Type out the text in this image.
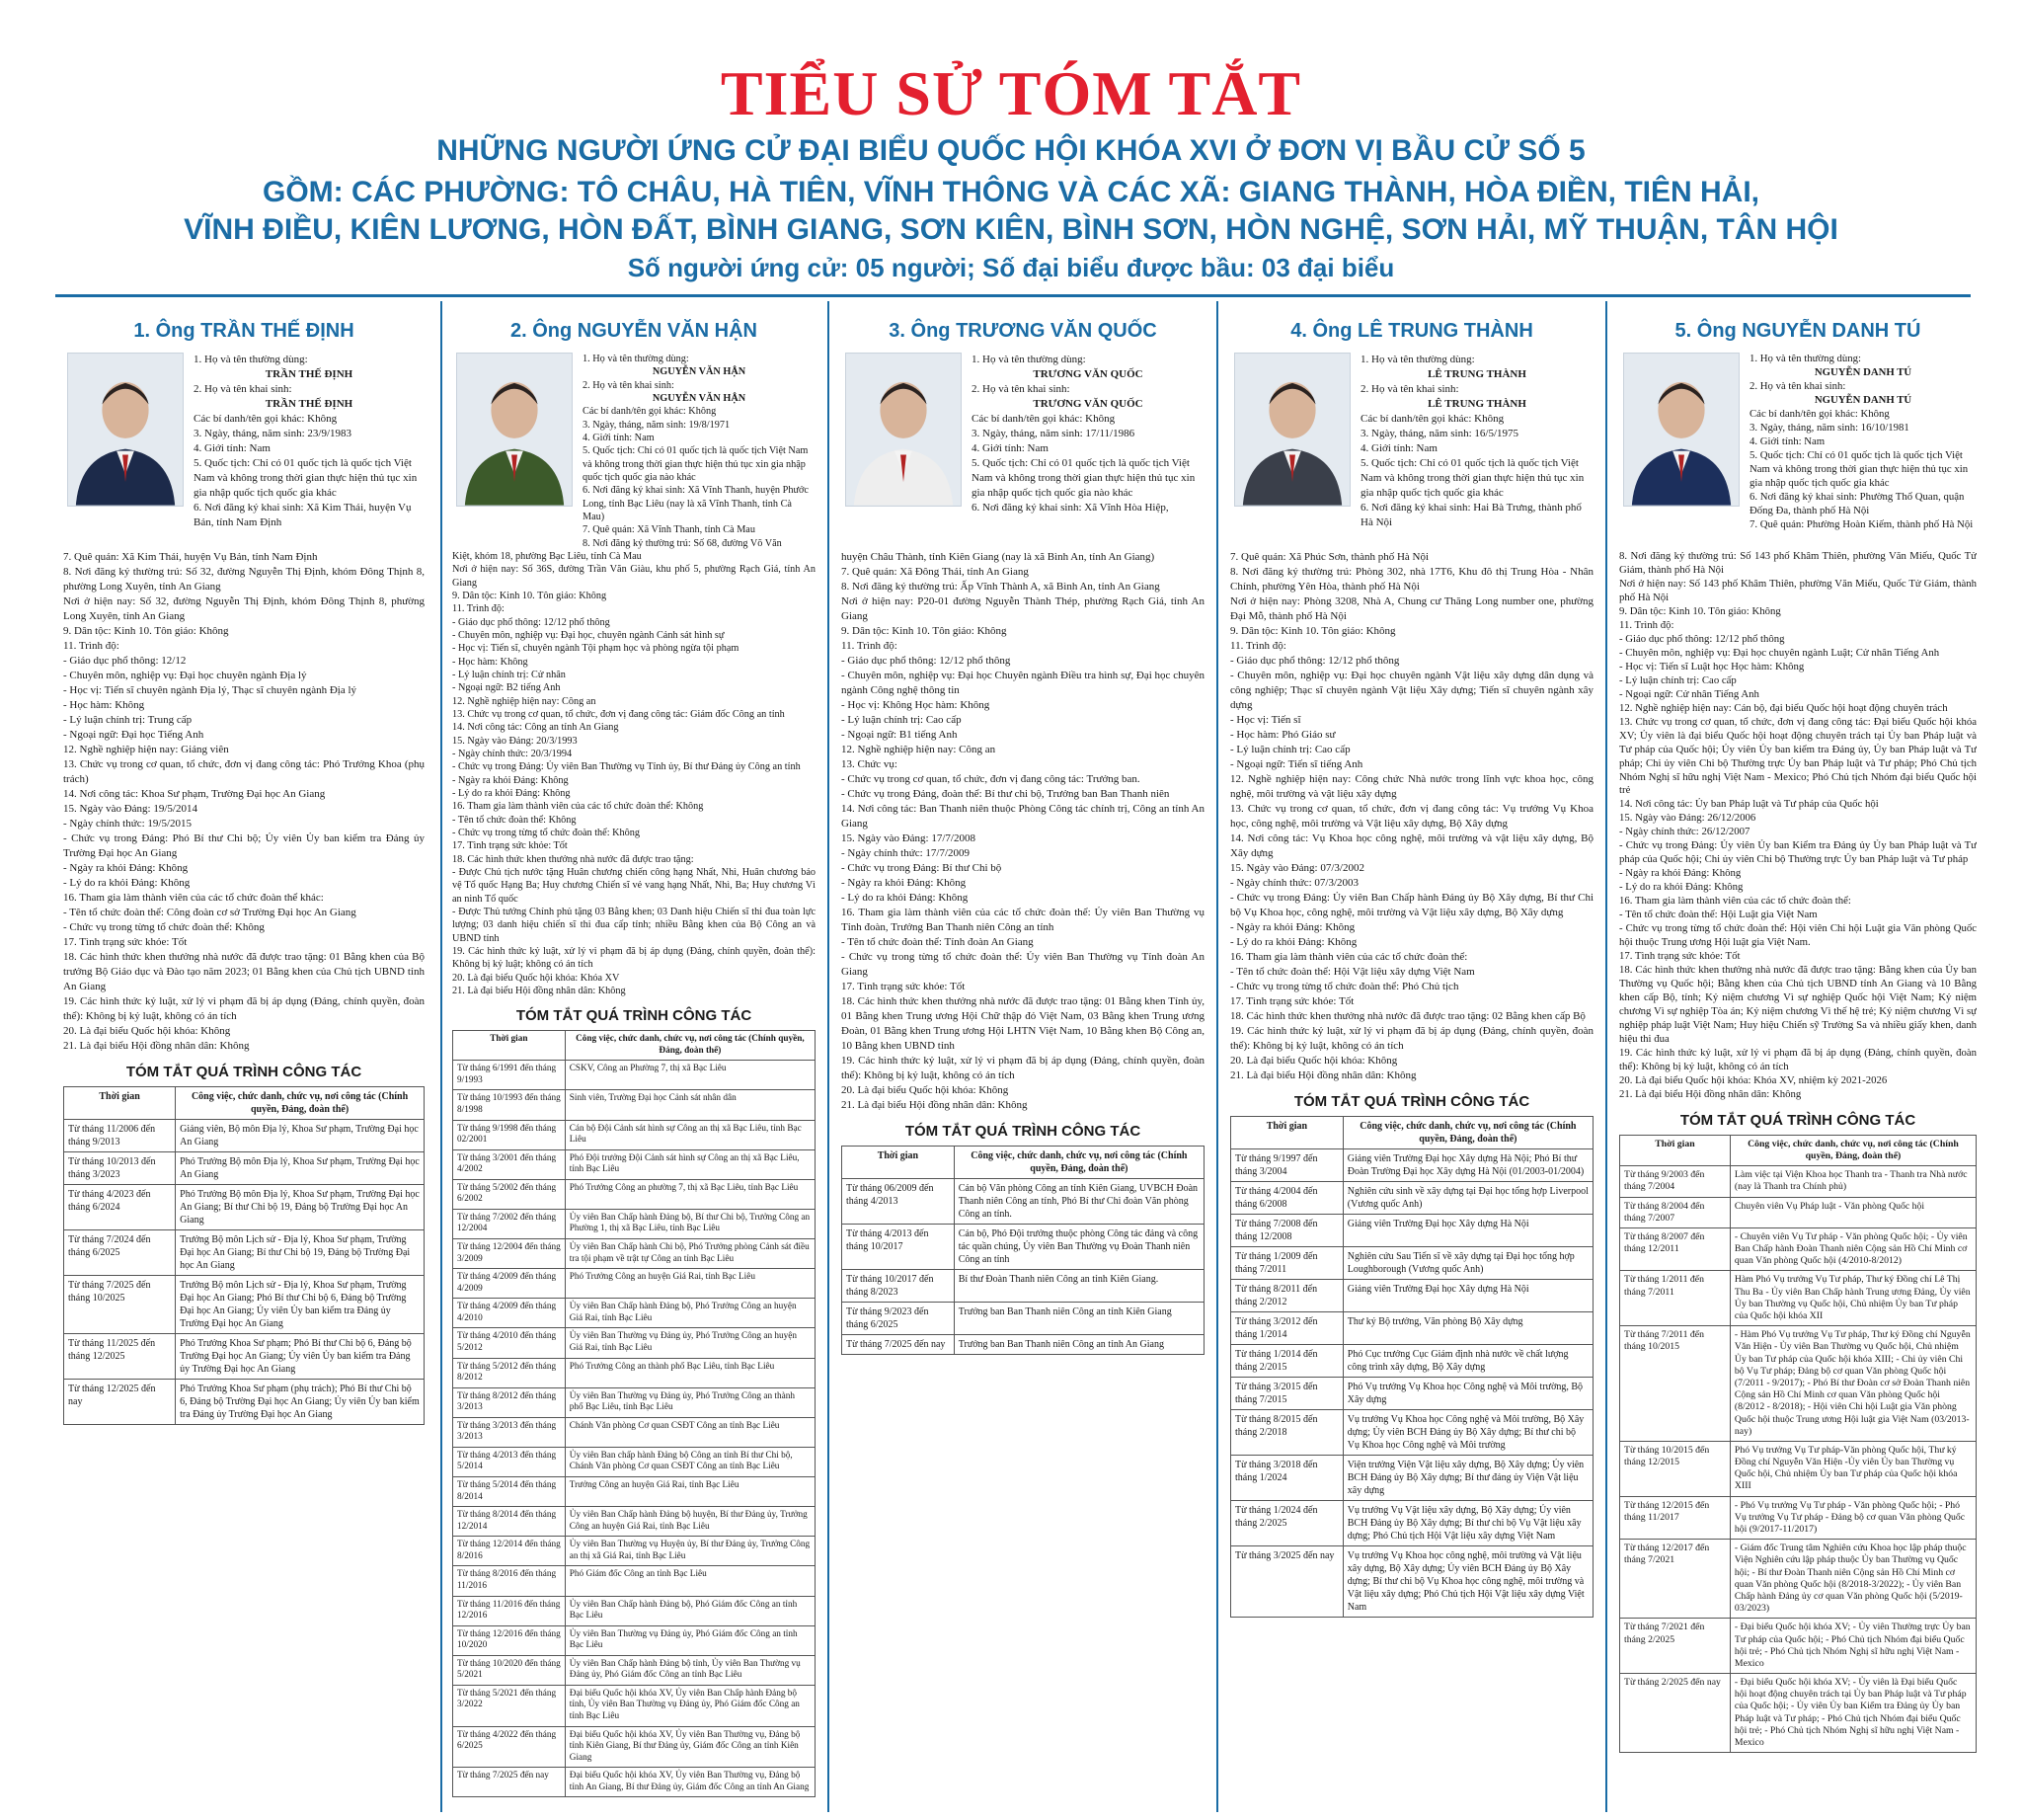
TIỂU SỬ TÓM TẮT
NHỮNG NGƯỜI ỨNG CỬ ĐẠI BIỂU QUỐC HỘI KHÓA XVI Ở ĐƠN VỊ BẦU CỬ SỐ 5
GỒM: CÁC PHƯỜNG: TÔ CHÂU, HÀ TIÊN, VĨNH THÔNG VÀ CÁC XÃ: GIANG THÀNH, HÒA ĐIỀN, TIÊN HẢI,
VĨNH ĐIỀU, KIÊN LƯƠNG, HÒN ĐẤT, BÌNH GIANG, SƠN KIÊN, BÌNH SƠN, HÒN NGHỆ, SƠN HẢI, MỸ THUẬN, TÂN HỘI
Số người ứng cử: 05 người; Số đại biểu được bầu: 03 đại biểu
1. Ông TRẦN THẾ ĐỊNH
1. Họ và tên thường dùng:
TRẦN THẾ ĐỊNH
2. Họ và tên khai sinh:
TRẦN THẾ ĐỊNH
Các bí danh/tên gọi khác: Không
3. Ngày, tháng, năm sinh: 23/9/1983
4. Giới tính: Nam
5. Quốc tịch: Chỉ có 01 quốc tịch là quốc tịch Việt Nam và không trong thời gian thực hiện thủ tục xin gia nhập quốc tịch quốc gia khác
6. Nơi đăng ký khai sinh: Xã Kim Thái, huyện Vụ Bản, tỉnh Nam Định

7. Quê quán: Xã Kim Thái, huyện Vụ Bản, tỉnh Nam Định

8. Nơi đăng ký thường trú: Số 32, đường Nguyễn Thị Định, khóm Đông Thịnh 8, phường Long Xuyên, tỉnh An Giang

Nơi ở hiện nay: Số 32, đường Nguyễn Thị Định, khóm Đông Thịnh 8, phường Long Xuyên, tỉnh An Giang

9. Dân tộc: Kinh 10. Tôn giáo: Không

11. Trình độ:

- Giáo dục phổ thông: 12/12

- Chuyên môn, nghiệp vụ: Đại học chuyên ngành Địa lý

- Học vị: Tiến sĩ chuyên ngành Địa lý, Thạc sĩ chuyên ngành Địa lý

- Học hàm: Không

- Lý luận chính trị: Trung cấp

- Ngoại ngữ: Đại học Tiếng Anh

12. Nghề nghiệp hiện nay: Giảng viên

13. Chức vụ trong cơ quan, tổ chức, đơn vị đang công tác: Phó Trưởng Khoa (phụ trách)

14. Nơi công tác: Khoa Sư phạm, Trường Đại học An Giang

15. Ngày vào Đảng: 19/5/2014

- Ngày chính thức: 19/5/2015

- Chức vụ trong Đảng: Phó Bí thư Chi bộ; Ủy viên Ủy ban kiểm tra Đảng ủy Trường Đại học An Giang

- Ngày ra khỏi Đảng: Không

- Lý do ra khỏi Đảng: Không

16. Tham gia làm thành viên của các tổ chức đoàn thể khác:

- Tên tổ chức đoàn thể: Công đoàn cơ sở Trường Đại học An Giang

- Chức vụ trong từng tổ chức đoàn thể: Không

17. Tình trạng sức khỏe: Tốt

18. Các hình thức khen thưởng nhà nước đã được trao tặng: 01 Bằng khen của Bộ trưởng Bộ Giáo dục và Đào tạo năm 2023; 01 Bằng khen của Chủ tịch UBND tỉnh An Giang

19. Các hình thức kỷ luật, xử lý vi phạm đã bị áp dụng (Đảng, chính quyền, đoàn thể): Không bị kỷ luật, không có án tích

20. Là đại biểu Quốc hội khóa: Không

21. Là đại biểu Hội đồng nhân dân: Không

TÓM TẮT QUÁ TRÌNH CÔNG TÁC
Thời gian	Công việc, chức danh, chức vụ, nơi công tác (Chính quyền, Đảng, đoàn thể)
Từ tháng 11/2006 đến tháng 9/2013	Giảng viên, Bộ môn Địa lý, Khoa Sư phạm, Trường Đại học An Giang
Từ tháng 10/2013 đến tháng 3/2023	Phó Trưởng Bộ môn Địa lý, Khoa Sư phạm, Trường Đại học An Giang
Từ tháng 4/2023 đến tháng 6/2024	Phó Trưởng Bộ môn Địa lý, Khoa Sư phạm, Trường Đại học An Giang; Bí thư Chi bộ 19, Đảng bộ Trường Đại học An Giang
Từ tháng 7/2024 đến tháng 6/2025	Trưởng Bộ môn Lịch sử - Địa lý, Khoa Sư phạm, Trường Đại học An Giang; Bí thư Chi bộ 19, Đảng bộ Trường Đại học An Giang
Từ tháng 7/2025 đến tháng 10/2025	Trưởng Bộ môn Lịch sử - Địa lý, Khoa Sư phạm, Trường Đại học An Giang; Phó Bí thư Chi bộ 6, Đảng bộ Trường Đại học An Giang; Ủy viên Ủy ban kiểm tra Đảng ủy Trường Đại học An Giang
Từ tháng 11/2025 đến tháng 12/2025	Phó Trưởng Khoa Sư phạm; Phó Bí thư Chi bộ 6, Đảng bộ Trường Đại học An Giang; Ủy viên Ủy ban kiểm tra Đảng ủy Trường Đại học An Giang
Từ tháng 12/2025 đến nay	Phó Trưởng Khoa Sư phạm (phụ trách); Phó Bí thư Chi bộ 6, Đảng bộ Trường Đại học An Giang; Ủy viên Ủy ban kiểm tra Đảng ủy Trường Đại học An Giang
2. Ông NGUYỄN VĂN HẬN
1. Họ và tên thường dùng:
NGUYỄN VĂN HẬN
2. Họ và tên khai sinh:
NGUYỄN VĂN HẬN
Các bí danh/tên gọi khác: Không
3. Ngày, tháng, năm sinh: 19/8/1971
4. Giới tính: Nam
5. Quốc tịch: Chỉ có 01 quốc tịch là quốc tịch Việt Nam và không trong thời gian thực hiện thủ tục xin gia nhập quốc tịch quốc gia nào khác
6. Nơi đăng ký khai sinh: Xã Vĩnh Thanh, huyện Phước Long, tỉnh Bạc Liêu (nay là xã Vĩnh Thanh, tỉnh Cà Mau)
7. Quê quán: Xã Vĩnh Thanh, tỉnh Cà Mau
8. Nơi đăng ký thường trú: Số 68, đường Võ Văn

Kiệt, khóm 18, phường Bạc Liêu, tỉnh Cà Mau

Nơi ở hiện nay: Số 36S, đường Trần Văn Giàu, khu phố 5, phường Rạch Giá, tỉnh An Giang

9. Dân tộc: Kinh 10. Tôn giáo: Không

11. Trình độ:

- Giáo dục phổ thông: 12/12 phổ thông

- Chuyên môn, nghiệp vụ: Đại học, chuyên ngành Cảnh sát hình sự

- Học vị: Tiến sĩ, chuyên ngành Tội phạm học và phòng ngừa tội phạm

- Học hàm: Không

- Lý luận chính trị: Cử nhân

- Ngoại ngữ: B2 tiếng Anh

12. Nghề nghiệp hiện nay: Công an

13. Chức vụ trong cơ quan, tổ chức, đơn vị đang công tác: Giám đốc Công an tỉnh

14. Nơi công tác: Công an tỉnh An Giang

15. Ngày vào Đảng: 20/3/1993

- Ngày chính thức: 20/3/1994

- Chức vụ trong Đảng: Ủy viên Ban Thường vụ Tỉnh ủy, Bí thư Đảng ủy Công an tỉnh

- Ngày ra khỏi Đảng: Không

- Lý do ra khỏi Đảng: Không

16. Tham gia làm thành viên của các tổ chức đoàn thể: Không

- Tên tổ chức đoàn thể: Không

- Chức vụ trong từng tổ chức đoàn thể: Không

17. Tình trạng sức khỏe: Tốt

18. Các hình thức khen thưởng nhà nước đã được trao tặng:

- Được Chủ tịch nước tặng Huân chương chiến công hạng Nhất, Nhì, Huân chương bảo vệ Tổ quốc Hạng Ba; Huy chương Chiến sĩ vẻ vang hạng Nhất, Nhì, Ba; Huy chương Vì an ninh Tổ quốc

- Được Thủ tướng Chính phủ tặng 03 Bằng khen; 03 Danh hiệu Chiến sĩ thi đua toàn lực lượng; 03 danh hiệu chiến sĩ thi đua cấp tỉnh; nhiều Bằng khen của Bộ Công an và UBND tỉnh

19. Các hình thức kỷ luật, xử lý vi phạm đã bị áp dụng (Đảng, chính quyền, đoàn thể): Không bị kỷ luật; không có án tích

20. Là đại biểu Quốc hội khóa: Khóa XV

21. Là đại biểu Hội đồng nhân dân: Không

TÓM TẮT QUÁ TRÌNH CÔNG TÁC
Thời gian	Công việc, chức danh, chức vụ, nơi công tác (Chính quyền, Đảng, đoàn thể)
Từ tháng 6/1991 đến tháng 9/1993	CSKV, Công an Phường 7, thị xã Bạc Liêu
Từ tháng 10/1993 đến tháng 8/1998	Sinh viên, Trường Đại học Cảnh sát nhân dân
Từ tháng 9/1998 đến tháng 02/2001	Cán bộ Đội Cảnh sát hình sự Công an thị xã Bạc Liêu, tỉnh Bạc Liêu
Từ tháng 3/2001 đến tháng 4/2002	Phó Đội trưởng Đội Cảnh sát hình sự Công an thị xã Bạc Liêu, tỉnh Bạc Liêu
Từ tháng 5/2002 đến tháng 6/2002	Phó Trưởng Công an phường 7, thị xã Bạc Liêu, tỉnh Bạc Liêu
Từ tháng 7/2002 đến tháng 12/2004	Ủy viên Ban Chấp hành Đảng bộ, Bí thư Chi bộ, Trưởng Công an Phường 1, thị xã Bạc Liêu, tỉnh Bạc Liêu
Từ tháng 12/2004 đến tháng 3/2009	Ủy viên Ban Chấp hành Chi bộ, Phó Trưởng phòng Cảnh sát điều tra tội phạm về trật tự Công an tỉnh Bạc Liêu
Từ tháng 4/2009 đến tháng 4/2009	Phó Trưởng Công an huyện Giá Rai, tỉnh Bạc Liêu
Từ tháng 4/2009 đến tháng 4/2010	Ủy viên Ban Chấp hành Đảng bộ, Phó Trưởng Công an huyện Giá Rai, tỉnh Bạc Liêu
Từ tháng 4/2010 đến tháng 5/2012	Ủy viên Ban Thường vụ Đảng ủy, Phó Trưởng Công an huyện Giá Rai, tỉnh Bạc Liêu
Từ tháng 5/2012 đến tháng 8/2012	Phó Trưởng Công an thành phố Bạc Liêu, tỉnh Bạc Liêu
Từ tháng 8/2012 đến tháng 3/2013	Ủy viên Ban Thường vụ Đảng ủy, Phó Trưởng Công an thành phố Bạc Liêu, tỉnh Bạc Liêu
Từ tháng 3/2013 đến tháng 3/2013	Chánh Văn phòng Cơ quan CSĐT Công an tỉnh Bạc Liêu
Từ tháng 4/2013 đến tháng 5/2014	Ủy viên Ban chấp hành Đảng bộ Công an tỉnh Bí thư Chi bộ, Chánh Văn phòng Cơ quan CSĐT Công an tỉnh Bạc Liêu
Từ tháng 5/2014 đến tháng 8/2014	Trưởng Công an huyện Giá Rai, tỉnh Bạc Liêu
Từ tháng 8/2014 đến tháng 12/2014	Ủy viên Ban Chấp hành Đảng bộ huyện, Bí thư Đảng ủy, Trưởng Công an huyện Giá Rai, tỉnh Bạc Liêu
Từ tháng 12/2014 đến tháng 8/2016	Ủy viên Ban Thường vụ Huyện ủy, Bí thư Đảng ủy, Trưởng Công an thị xã Giá Rai, tỉnh Bạc Liêu
Từ tháng 8/2016 đến tháng 11/2016	Phó Giám đốc Công an tỉnh Bạc Liêu
Từ tháng 11/2016 đến tháng 12/2016	Ủy viên Ban Chấp hành Đảng bộ, Phó Giám đốc Công an tỉnh Bạc Liêu
Từ tháng 12/2016 đến tháng 10/2020	Ủy viên Ban Thường vụ Đảng ủy, Phó Giám đốc Công an tỉnh Bạc Liêu
Từ tháng 10/2020 đến tháng 5/2021	Ủy viên Ban Chấp hành Đảng bộ tỉnh, Ủy viên Ban Thường vụ Đảng ủy, Phó Giám đốc Công an tỉnh Bạc Liêu
Từ tháng 5/2021 đến tháng 3/2022	Đại biểu Quốc hội khóa XV, Ủy viên Ban Chấp hành Đảng bộ tỉnh, Ủy viên Ban Thường vụ Đảng ủy, Phó Giám đốc Công an tỉnh Bạc Liêu
Từ tháng 4/2022 đến tháng 6/2025	Đại biểu Quốc hội khóa XV, Ủy viên Ban Thường vụ, Đảng bộ tỉnh Kiên Giang, Bí thư Đảng ủy, Giám đốc Công an tỉnh Kiên Giang
Từ tháng 7/2025 đến nay	Đại biểu Quốc hội khóa XV, Ủy viên Ban Thường vụ, Đảng bộ tỉnh An Giang, Bí thư Đảng ủy, Giám đốc Công an tỉnh An Giang
3. Ông TRƯƠNG VĂN QUỐC
1. Họ và tên thường dùng:
TRƯƠNG VĂN QUỐC
2. Họ và tên khai sinh:
TRƯƠNG VĂN QUỐC
Các bí danh/tên gọi khác: Không
3. Ngày, tháng, năm sinh: 17/11/1986
4. Giới tính: Nam
5. Quốc tịch: Chỉ có 01 quốc tịch là quốc tịch Việt Nam và không trong thời gian thực hiện thủ tục xin gia nhập quốc tịch quốc gia nào khác
6. Nơi đăng ký khai sinh: Xã Vĩnh Hòa Hiệp,

huyện Châu Thành, tỉnh Kiên Giang (nay là xã Bình An, tỉnh An Giang)

7. Quê quán: Xã Đông Thái, tỉnh An Giang

8. Nơi đăng ký thường trú: Ấp Vĩnh Thành A, xã Bình An, tỉnh An Giang

Nơi ở hiện nay: P20-01 đường Nguyễn Thành Thép, phường Rạch Giá, tỉnh An Giang

9. Dân tộc: Kinh 10. Tôn giáo: Không

11. Trình độ:

- Giáo dục phổ thông: 12/12 phổ thông

- Chuyên môn, nghiệp vụ: Đại học Chuyên ngành Điều tra hình sự, Đại học chuyên ngành Công nghệ thông tin

- Học vị: Không Học hàm: Không

- Lý luận chính trị: Cao cấp

- Ngoại ngữ: B1 tiếng Anh

12. Nghề nghiệp hiện nay: Công an

13. Chức vụ:

- Chức vụ trong cơ quan, tổ chức, đơn vị đang công tác: Trưởng ban.

- Chức vụ trong Đảng, đoàn thể: Bí thư chi bộ, Trưởng ban Ban Thanh niên

14. Nơi công tác: Ban Thanh niên thuộc Phòng Công tác chính trị, Công an tỉnh An Giang

15. Ngày vào Đảng: 17/7/2008

- Ngày chính thức: 17/7/2009

- Chức vụ trong Đảng: Bí thư Chi bộ

- Ngày ra khỏi Đảng: Không

- Lý do ra khỏi Đảng: Không

16. Tham gia làm thành viên của các tổ chức đoàn thể: Ủy viên Ban Thường vụ Tỉnh đoàn, Trưởng Ban Thanh niên Công an tỉnh

- Tên tổ chức đoàn thể: Tỉnh đoàn An Giang

- Chức vụ trong từng tổ chức đoàn thể: Ủy viên Ban Thường vụ Tỉnh đoàn An Giang

17. Tình trạng sức khỏe: Tốt

18. Các hình thức khen thưởng nhà nước đã được trao tặng: 01 Bằng khen Tỉnh ủy, 01 Bằng khen Trung ương Hội Chữ thập đỏ Việt Nam, 03 Bằng khen Trung ương Đoàn, 01 Bằng khen Trung ương Hội LHTN Việt Nam, 10 Bằng khen Bộ Công an, 10 Bằng khen UBND tỉnh

19. Các hình thức kỷ luật, xử lý vi phạm đã bị áp dụng (Đảng, chính quyền, đoàn thể): Không bị kỷ luật, không có án tích

20. Là đại biểu Quốc hội khóa: Không

21. Là đại biểu Hội đồng nhân dân: Không

TÓM TẮT QUÁ TRÌNH CÔNG TÁC
Thời gian	Công việc, chức danh, chức vụ, nơi công tác (Chính quyền, Đảng, đoàn thể)
Từ tháng 06/2009 đến tháng 4/2013	Cán bộ Văn phòng Công an tỉnh Kiên Giang, UVBCH Đoàn Thanh niên Công an tỉnh, Phó Bí thư Chi đoàn Văn phòng Công an tỉnh.
Từ tháng 4/2013 đến tháng 10/2017	Cán bộ, Phó Đội trưởng thuộc phòng Công tác đảng và công tác quần chúng, Ủy viên Ban Thường vụ Đoàn Thanh niên Công an tỉnh
Từ tháng 10/2017 đến tháng 8/2023	Bí thư Đoàn Thanh niên Công an tỉnh Kiên Giang.
Từ tháng 9/2023 đến tháng 6/2025	Trưởng ban Ban Thanh niên Công an tỉnh Kiên Giang
Từ tháng 7/2025 đến nay	Trưởng ban Ban Thanh niên Công an tỉnh An Giang
4. Ông LÊ TRUNG THÀNH
1. Họ và tên thường dùng:
LÊ TRUNG THÀNH
2. Họ và tên khai sinh:
LÊ TRUNG THÀNH
Các bí danh/tên gọi khác: Không
3. Ngày, tháng, năm sinh: 16/5/1975
4. Giới tính: Nam
5. Quốc tịch: Chỉ có 01 quốc tịch là quốc tịch Việt Nam và không trong thời gian thực hiện thủ tục xin gia nhập quốc tịch quốc gia khác
6. Nơi đăng ký khai sinh: Hai Bà Trưng, thành phố Hà Nội

7. Quê quán: Xã Phúc Sơn, thành phố Hà Nội

8. Nơi đăng ký thường trú: Phòng 302, nhà 17T6, Khu đô thị Trung Hòa - Nhân Chính, phường Yên Hòa, thành phố Hà Nội

Nơi ở hiện nay: Phòng 3208, Nhà A, Chung cư Thăng Long number one, phường Đại Mỗ, thành phố Hà Nội

9. Dân tộc: Kinh 10. Tôn giáo: Không

11. Trình độ:

- Giáo dục phổ thông: 12/12 phổ thông

- Chuyên môn, nghiệp vụ: Đại học chuyên ngành Vật liệu xây dựng dân dụng và công nghiệp; Thạc sĩ chuyên ngành Vật liệu Xây dựng; Tiến sĩ chuyên ngành xây dựng

- Học vị: Tiến sĩ

- Học hàm: Phó Giáo sư

- Lý luận chính trị: Cao cấp

- Ngoại ngữ: Tiến sĩ tiếng Anh

12. Nghề nghiệp hiện nay: Công chức Nhà nước trong lĩnh vực khoa học, công nghệ, môi trường và vật liệu xây dựng

13. Chức vụ trong cơ quan, tổ chức, đơn vị đang công tác: Vụ trưởng Vụ Khoa học, công nghệ, môi trường và Vật liệu xây dựng, Bộ Xây dựng

14. Nơi công tác: Vụ Khoa học công nghệ, môi trường và vật liệu xây dựng, Bộ Xây dựng

15. Ngày vào Đảng: 07/3/2002

- Ngày chính thức: 07/3/2003

- Chức vụ trong Đảng: Ủy viên Ban Chấp hành Đảng ủy Bộ Xây dựng, Bí thư Chi bộ Vụ Khoa học, công nghệ, môi trường và Vật liệu xây dựng, Bộ Xây dựng

- Ngày ra khỏi Đảng: Không

- Lý do ra khỏi Đảng: Không

16. Tham gia làm thành viên của các tổ chức đoàn thể:

- Tên tổ chức đoàn thể: Hội Vật liệu xây dựng Việt Nam

- Chức vụ trong từng tổ chức đoàn thể: Phó Chủ tịch

17. Tình trạng sức khỏe: Tốt

18. Các hình thức khen thưởng nhà nước đã được trao tặng: 02 Bằng khen cấp Bộ

19. Các hình thức kỷ luật, xử lý vi phạm đã bị áp dụng (Đảng, chính quyền, đoàn thể): Không bị kỷ luật, không có án tích

20. Là đại biểu Quốc hội khóa: Không

21. Là đại biểu Hội đồng nhân dân: Không

TÓM TẮT QUÁ TRÌNH CÔNG TÁC
Thời gian	Công việc, chức danh, chức vụ, nơi công tác (Chính quyền, Đảng, đoàn thể)
Từ tháng 9/1997 đến tháng 3/2004	Giảng viên Trường Đại học Xây dựng Hà Nội; Phó Bí thư Đoàn Trường Đại học Xây dựng Hà Nội (01/2003-01/2004)
Từ tháng 4/2004 đến tháng 6/2008	Nghiên cứu sinh về xây dựng tại Đại học tổng hợp Liverpool (Vương quốc Anh)
Từ tháng 7/2008 đến tháng 12/2008	Giảng viên Trường Đại học Xây dựng Hà Nội
Từ tháng 1/2009 đến tháng 7/2011	Nghiên cứu Sau Tiến sĩ về xây dựng tại Đại học tổng hợp Loughborough (Vương quốc Anh)
Từ tháng 8/2011 đến tháng 2/2012	Giảng viên Trường Đại học Xây dựng Hà Nội
Từ tháng 3/2012 đến tháng 1/2014	Thư ký Bộ trưởng, Văn phòng Bộ Xây dựng
Từ tháng 1/2014 đến tháng 2/2015	Phó Cục trưởng Cục Giám định nhà nước về chất lượng công trình xây dựng, Bộ Xây dựng
Từ tháng 3/2015 đến tháng 7/2015	Phó Vụ trưởng Vụ Khoa học Công nghệ và Môi trường, Bộ Xây dựng
Từ tháng 8/2015 đến tháng 2/2018	Vụ trưởng Vụ Khoa học Công nghệ và Môi trường, Bộ Xây dựng; Ủy viên BCH Đảng ủy Bộ Xây dựng; Bí thư chi bộ Vụ Khoa học Công nghệ và Môi trường
Từ tháng 3/2018 đến tháng 1/2024	Viện trưởng Viện Vật liệu xây dựng, Bộ Xây dựng; Ủy viên BCH Đảng ủy Bộ Xây dựng; Bí thư đảng ủy Viện Vật liệu xây dựng
Từ tháng 1/2024 đến tháng 2/2025	Vụ trưởng Vụ Vật liệu xây dựng, Bộ Xây dựng; Ủy viên BCH Đảng ủy Bộ Xây dựng; Bí thư chi bộ Vụ Vật liệu xây dựng; Phó Chủ tịch Hội Vật liệu xây dựng Việt Nam
Từ tháng 3/2025 đến nay	Vụ trưởng Vụ Khoa học công nghệ, môi trường và Vật liệu xây dựng, Bộ Xây dựng; Ủy viên BCH Đảng ủy Bộ Xây dựng; Bí thư chi bộ Vụ Khoa học công nghệ, môi trường và Vật liệu xây dựng; Phó Chủ tịch Hội Vật liệu xây dựng Việt Nam
5. Ông NGUYỄN DANH TÚ
1. Họ và tên thường dùng:
NGUYỄN DANH TÚ
2. Họ và tên khai sinh:
NGUYỄN DANH TÚ
Các bí danh/tên gọi khác: Không
3. Ngày, tháng, năm sinh: 16/10/1981
4. Giới tính: Nam
5. Quốc tịch: Chỉ có 01 quốc tịch là quốc tịch Việt Nam và không trong thời gian thực hiện thủ tục xin gia nhập quốc tịch quốc gia khác
6. Nơi đăng ký khai sinh: Phường Thổ Quan, quận Đống Đa, thành phố Hà Nội
7. Quê quán: Phường Hoàn Kiếm, thành phố Hà Nội

8. Nơi đăng ký thường trú: Số 143 phố Khâm Thiên, phường Văn Miếu, Quốc Tử Giám, thành phố Hà Nội

Nơi ở hiện nay: Số 143 phố Khâm Thiên, phường Văn Miếu, Quốc Tử Giám, thành phố Hà Nội

9. Dân tộc: Kinh 10. Tôn giáo: Không

11. Trình độ:

- Giáo dục phổ thông: 12/12 phổ thông

- Chuyên môn, nghiệp vụ: Đại học chuyên ngành Luật; Cử nhân Tiếng Anh

- Học vị: Tiến sĩ Luật học Học hàm: Không

- Lý luận chính trị: Cao cấp

- Ngoại ngữ: Cử nhân Tiếng Anh

12. Nghề nghiệp hiện nay: Cán bộ, đại biểu Quốc hội hoạt động chuyên trách

13. Chức vụ trong cơ quan, tổ chức, đơn vị đang công tác: Đại biểu Quốc hội khóa XV; Ủy viên là đại biểu Quốc hội hoạt động chuyên trách tại Ủy ban Pháp luật và Tư pháp của Quốc hội; Ủy viên Ủy ban kiểm tra Đảng ủy, Ủy ban Pháp luật và Tư pháp; Chi ủy viên Chi bộ Thường trực Ủy ban Pháp luật và Tư pháp; Phó Chủ tịch Nhóm Nghị sĩ hữu nghị Việt Nam - Mexico; Phó Chủ tịch Nhóm đại biểu Quốc hội trẻ

14. Nơi công tác: Ủy ban Pháp luật và Tư pháp của Quốc hội

15. Ngày vào Đảng: 26/12/2006

- Ngày chính thức: 26/12/2007

- Chức vụ trong Đảng: Ủy viên Ủy ban Kiểm tra Đảng ủy Ủy ban Pháp luật và Tư pháp của Quốc hội; Chi ủy viên Chi bộ Thường trực Ủy ban Pháp luật và Tư pháp

- Ngày ra khỏi Đảng: Không

- Lý do ra khỏi Đảng: Không

16. Tham gia làm thành viên của các tổ chức đoàn thể:

- Tên tổ chức đoàn thể: Hội Luật gia Việt Nam

- Chức vụ trong từng tổ chức đoàn thể: Hội viên Chi hội Luật gia Văn phòng Quốc hội thuộc Trung ương Hội luật gia Việt Nam.

17. Tình trạng sức khỏe: Tốt

18. Các hình thức khen thưởng nhà nước đã được trao tặng: Bằng khen của Ủy ban Thường vụ Quốc hội; Bằng khen của Chủ tịch UBND tỉnh An Giang và 10 Bằng khen cấp Bộ, tỉnh; Kỷ niệm chương Vì sự nghiệp Quốc hội Việt Nam; Kỷ niệm chương Vì sự nghiệp Tòa án; Kỷ niệm chương Vì thế hệ trẻ; Kỷ niệm chương Vì sự nghiệp pháp luật Việt Nam; Huy hiệu Chiến sỹ Trường Sa và nhiều giấy khen, danh hiệu thi đua

19. Các hình thức kỷ luật, xử lý vi phạm đã bị áp dụng (Đảng, chính quyền, đoàn thể): Không bị kỷ luật, không có án tích

20. Là đại biểu Quốc hội khóa: Khóa XV, nhiệm kỳ 2021-2026

21. Là đại biểu Hội đồng nhân dân: Không

TÓM TẮT QUÁ TRÌNH CÔNG TÁC
Thời gian	Công việc, chức danh, chức vụ, nơi công tác (Chính quyền, Đảng, đoàn thể)
Từ tháng 9/2003 đến tháng 7/2004	Làm việc tại Viện Khoa học Thanh tra - Thanh tra Nhà nước (nay là Thanh tra Chính phủ)
Từ tháng 8/2004 đến tháng 7/2007	Chuyên viên Vụ Pháp luật - Văn phòng Quốc hội
Từ tháng 8/2007 đến tháng 12/2011	- Chuyên viên Vụ Tư pháp - Văn phòng Quốc hội; - Ủy viên Ban Chấp hành Đoàn Thanh niên Cộng sản Hồ Chí Minh cơ quan Văn phòng Quốc hội (4/2010-8/2012)
Từ tháng 1/2011 đến tháng 7/2011	Hàm Phó Vụ trưởng Vụ Tư pháp, Thư ký Đồng chí Lê Thị Thu Ba - Ủy viên Ban Chấp hành Trung ương Đảng, Ủy viên Ủy ban Thường vụ Quốc hội, Chủ nhiệm Ủy ban Tư pháp của Quốc hội khóa XII
Từ tháng 7/2011 đến tháng 10/2015	- Hàm Phó Vụ trưởng Vụ Tư pháp, Thư ký Đồng chí Nguyễn Văn Hiện - Ủy viên Ban Thường vụ Quốc hội, Chủ nhiệm Ủy ban Tư pháp của Quốc hội khóa XIII; - Chi ủy viên Chi bộ Vụ Tư pháp; Đảng bộ cơ quan Văn phòng Quốc hội (7/2011 - 9/2017); - Phó Bí thư Đoàn cơ sở Đoàn Thanh niên Cộng sản Hồ Chí Minh cơ quan Văn phòng Quốc hội (8/2012 - 8/2018); - Hội viên Chi hội Luật gia Văn phòng Quốc hội thuộc Trung ương Hội luật gia Việt Nam (03/2013-nay)
Từ tháng 10/2015 đến tháng 12/2015	Phó Vụ trưởng Vụ Tư pháp-Văn phòng Quốc hội, Thư ký Đồng chí Nguyễn Văn Hiện -Ủy viên Ủy ban Thường vụ Quốc hội, Chủ nhiệm Ủy ban Tư pháp của Quốc hội khóa XIII
Từ tháng 12/2015 đến tháng 11/2017	- Phó Vụ trưởng Vụ Tư pháp - Văn phòng Quốc hội; - Phó Vụ trưởng Vụ Tư pháp - Đảng bộ cơ quan Văn phòng Quốc hội (9/2017-11/2017)
Từ tháng 12/2017 đến tháng 7/2021	- Giám đốc Trung tâm Nghiên cứu Khoa học lập pháp thuộc Viện Nghiên cứu lập pháp thuộc Ủy ban Thường vụ Quốc hội; - Bí thư Đoàn Thanh niên Cộng sản Hồ Chí Minh cơ quan Văn phòng Quốc hội (8/2018-3/2022); - Ủy viên Ban Chấp hành Đảng ủy cơ quan Văn phòng Quốc hội (5/2019-03/2023)
Từ tháng 7/2021 đến tháng 2/2025	- Đại biểu Quốc hội khóa XV; - Ủy viên Thường trực Ủy ban Tư pháp của Quốc hội; - Phó Chủ tịch Nhóm đại biểu Quốc hội trẻ; - Phó Chủ tịch Nhóm Nghị sĩ hữu nghị Việt Nam - Mexico
Từ tháng 2/2025 đến nay	- Đại biểu Quốc hội khóa XV; - Ủy viên là Đại biểu Quốc hội hoạt động chuyên trách tại Ủy ban Pháp luật và Tư pháp của Quốc hội; - Ủy viên Ủy ban Kiểm tra Đảng ủy Ủy ban Pháp luật và Tư pháp; - Phó Chủ tịch Nhóm đại biểu Quốc hội trẻ; - Phó Chủ tịch Nhóm Nghị sĩ hữu nghị Việt Nam - Mexico
